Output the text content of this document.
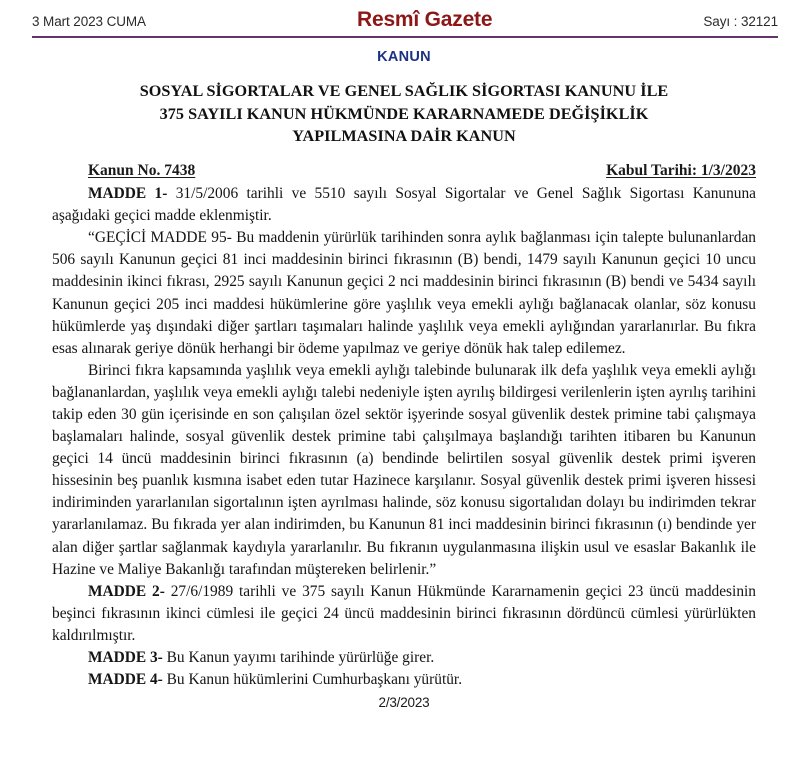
3 Mart 2023 CUMA	Resmî Gazete	Sayı : 32121
KANUN
SOSYAL SİGORTALAR VE GENEL SAĞLIK SİGORTASI KANUNU İLE
375 SAYILI KANUN HÜKMÜNDE KARARNAMEDE DEĞİŞİKLİK
YAPILMASINA DAİR KANUN
Kanun No. 7438	Kabul Tarihi: 1/3/2023

MADDE 1- 31/5/2006 tarihli ve 5510 sayılı Sosyal Sigortalar ve Genel Sağlık Sigortası Kanununa aşağıdaki geçici madde eklenmiştir.

“GEÇİCİ MADDE 95- Bu maddenin yürürlük tarihinden sonra aylık bağlanması için talepte bulunanlardan 506 sayılı Kanunun geçici 81 inci maddesinin birinci fıkrasının (B) bendi, 1479 sayılı Kanunun geçici 10 uncu maddesinin ikinci fıkrası, 2925 sayılı Kanunun geçici 2 nci maddesinin birinci fıkrasının (B) bendi ve 5434 sayılı Kanunun geçici 205 inci maddesi hükümlerine göre yaşlılık veya emekli aylığı bağlanacak olanlar, söz konusu hükümlerde yaş dışındaki diğer şartları taşımaları halinde yaşlılık veya emekli aylığından yararlanırlar. Bu fıkra esas alınarak geriye dönük herhangi bir ödeme yapılmaz ve geriye dönük hak talep edilemez.

Birinci fıkra kapsamında yaşlılık veya emekli aylığı talebinde bulunarak ilk defa yaşlılık veya emekli aylığı bağlananlardan, yaşlılık veya emekli aylığı talebi nedeniyle işten ayrılış bildirgesi verilenlerin işten ayrılış tarihini takip eden 30 gün içerisinde en son çalışılan özel sektör işyerinde sosyal güvenlik destek primine tabi çalışmaya başlamaları halinde, sosyal güvenlik destek primine tabi çalışılmaya başlandığı tarihten itibaren bu Kanunun geçici 14 üncü maddesinin birinci fıkrasının (a) bendinde belirtilen sosyal güvenlik destek primi işveren hissesinin beş puanlık kısmına isabet eden tutar Hazinece karşılanır. Sosyal güvenlik destek primi işveren hissesi indiriminden yararlanılan sigortalının işten ayrılması halinde, söz konusu sigortalıdan dolayı bu indirimden tekrar yararlanılamaz. Bu fıkrada yer alan indirimden, bu Kanunun 81 inci maddesinin birinci fıkrasının (ı) bendinde yer alan diğer şartlar sağlanmak kaydıyla yararlanılır. Bu fıkranın uygulanmasına ilişkin usul ve esaslar Bakanlık ile Hazine ve Maliye Bakanlığı tarafından müştereken belirlenir.”

MADDE 2- 27/6/1989 tarihli ve 375 sayılı Kanun Hükmünde Kararnamenin geçici 23 üncü maddesinin beşinci fıkrasının ikinci cümlesi ile geçici 24 üncü maddesinin birinci fıkrasının dördüncü cümlesi yürürlükten kaldırılmıştır.

MADDE 3- Bu Kanun yayımı tarihinde yürürlüğe girer.

MADDE 4- Bu Kanun hükümlerini Cumhurbaşkanı yürütür.

2/3/2023
